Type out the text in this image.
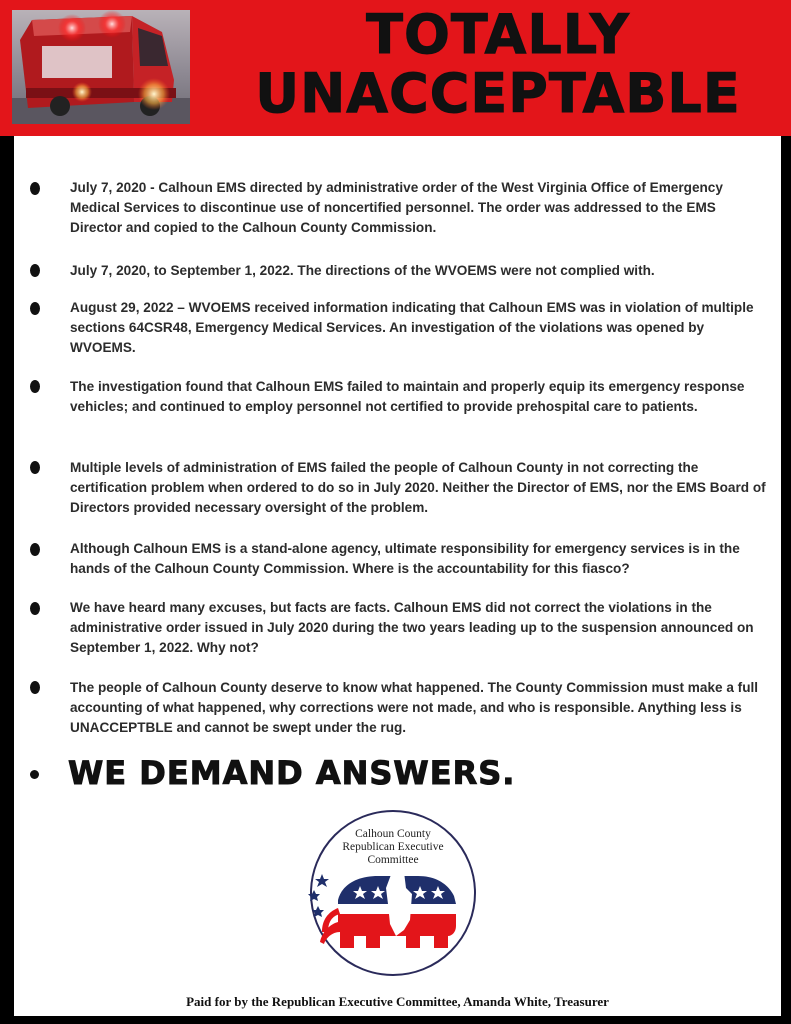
TOTALLY
UNACCEPTABLE
July 7, 2020 - Calhoun EMS directed by administrative order of the West Virginia Office of Emergency Medical Services to discontinue use of noncertified personnel. The order was addressed to the EMS Director and copied to the Calhoun County Commission.
July 7, 2020, to September 1, 2022. The directions of the WVOEMS were not complied with.
August 29, 2022 – WVOEMS received information indicating that Calhoun EMS was in violation of multiple sections 64CSR48, Emergency Medical Services. An investigation of the violations was opened by WVOEMS.
The investigation found that Calhoun EMS failed to maintain and properly equip its emergency response vehicles; and continued to employ personnel not certified to provide prehospital care to patients.
Multiple levels of administration of EMS failed the people of Calhoun County in not correcting the certification problem when ordered to do so in July 2020. Neither the Director of EMS, nor the EMS Board of Directors provided necessary oversight of the problem.
Although Calhoun EMS is a stand-alone agency, ultimate responsibility for emergency services is in the hands of the Calhoun County Commission. Where is the accountability for this fiasco?
We have heard many excuses, but facts are facts. Calhoun EMS did not correct the violations in the administrative order issued in July 2020 during the two years leading up to the suspension announced on September 1, 2022. Why not?
The people of Calhoun County deserve to know what happened. The County Commission must make a full accounting of what happened, why corrections were not made, and who is responsible. Anything less is UNACCEPTBLE and cannot be swept under the rug.
WE DEMAND ANSWERS.
Calhoun County
Republican Executive
Committee
Paid for by the Republican Executive Committee, Amanda White, Treasurer
